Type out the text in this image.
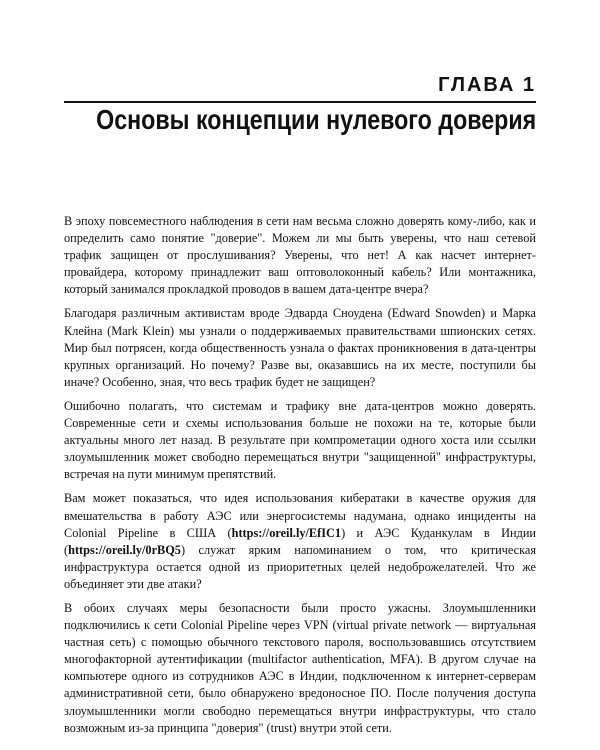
ГЛАВА 1
Основы концепции нулевого доверия

В эпоху повсеместного наблюдения в сети нам весьма сложно доверять кому-либо, как и определить само понятие "доверие". Можем ли мы быть уверены, что наш сетевой трафик защищен от прослушивания? Уверены, что нет! А как насчет интернет-провайдера, которому принадлежит ваш оптоволоконный кабель? Или монтажника, который занимался прокладкой проводов в вашем дата-центре вчера?

Благодаря различным активистам вроде Эдварда Сноудена (Edward Snowden) и Марка Клейна (Mark Klein) мы узнали о поддерживаемых правительствами шпионских сетях. Мир был потрясен, когда общественность узнала о фактах проникновения в дата-центры крупных организаций. Но почему? Разве вы, оказавшись на их месте, поступили бы иначе? Особенно, зная, что весь трафик будет не защищен?

Ошибочно полагать, что системам и трафику вне дата-центров можно доверять. Современные сети и схемы использования больше не похожи на те, которые были актуальны много лет назад. В результате при компрометации одного хоста или ссылки злоумышленник может свободно перемещаться внутри "защищенной" инфраструктуры, встречая на пути минимум препятствий.

Вам может показаться, что идея использования кибератаки в качестве оружия для вмешательства в работу АЭС или энергосистемы надумана, однако инциденты на Colonial Pipeline в США (https://oreil.ly/EfIC1) и АЭС Куданкулам в Индии (https://oreil.ly/0rBQ5) служат ярким напоминанием о том, что критическая инфраструктура остается одной из приоритетных целей недоброжелателей. Что же объединяет эти две атаки?

В обоих случаях меры безопасности были просто ужасны. Злоумышленники подключились к сети Colonial Pipeline через VPN (virtual private network — виртуальная частная сеть) с помощью обычного текстового пароля, воспользовавшись отсутствием многофакторной аутентификации (multifactor authentication, MFA). В другом случае на компьютере одного из сотрудников АЭС в Индии, подключенном к интернет-серверам административной сети, было обнаружено вредоносное ПО. После получения доступа злоумышленники могли свободно перемещаться внутри инфраструктуры, что стало возможным из-за принципа "доверия" (trust) внутри этой сети.
